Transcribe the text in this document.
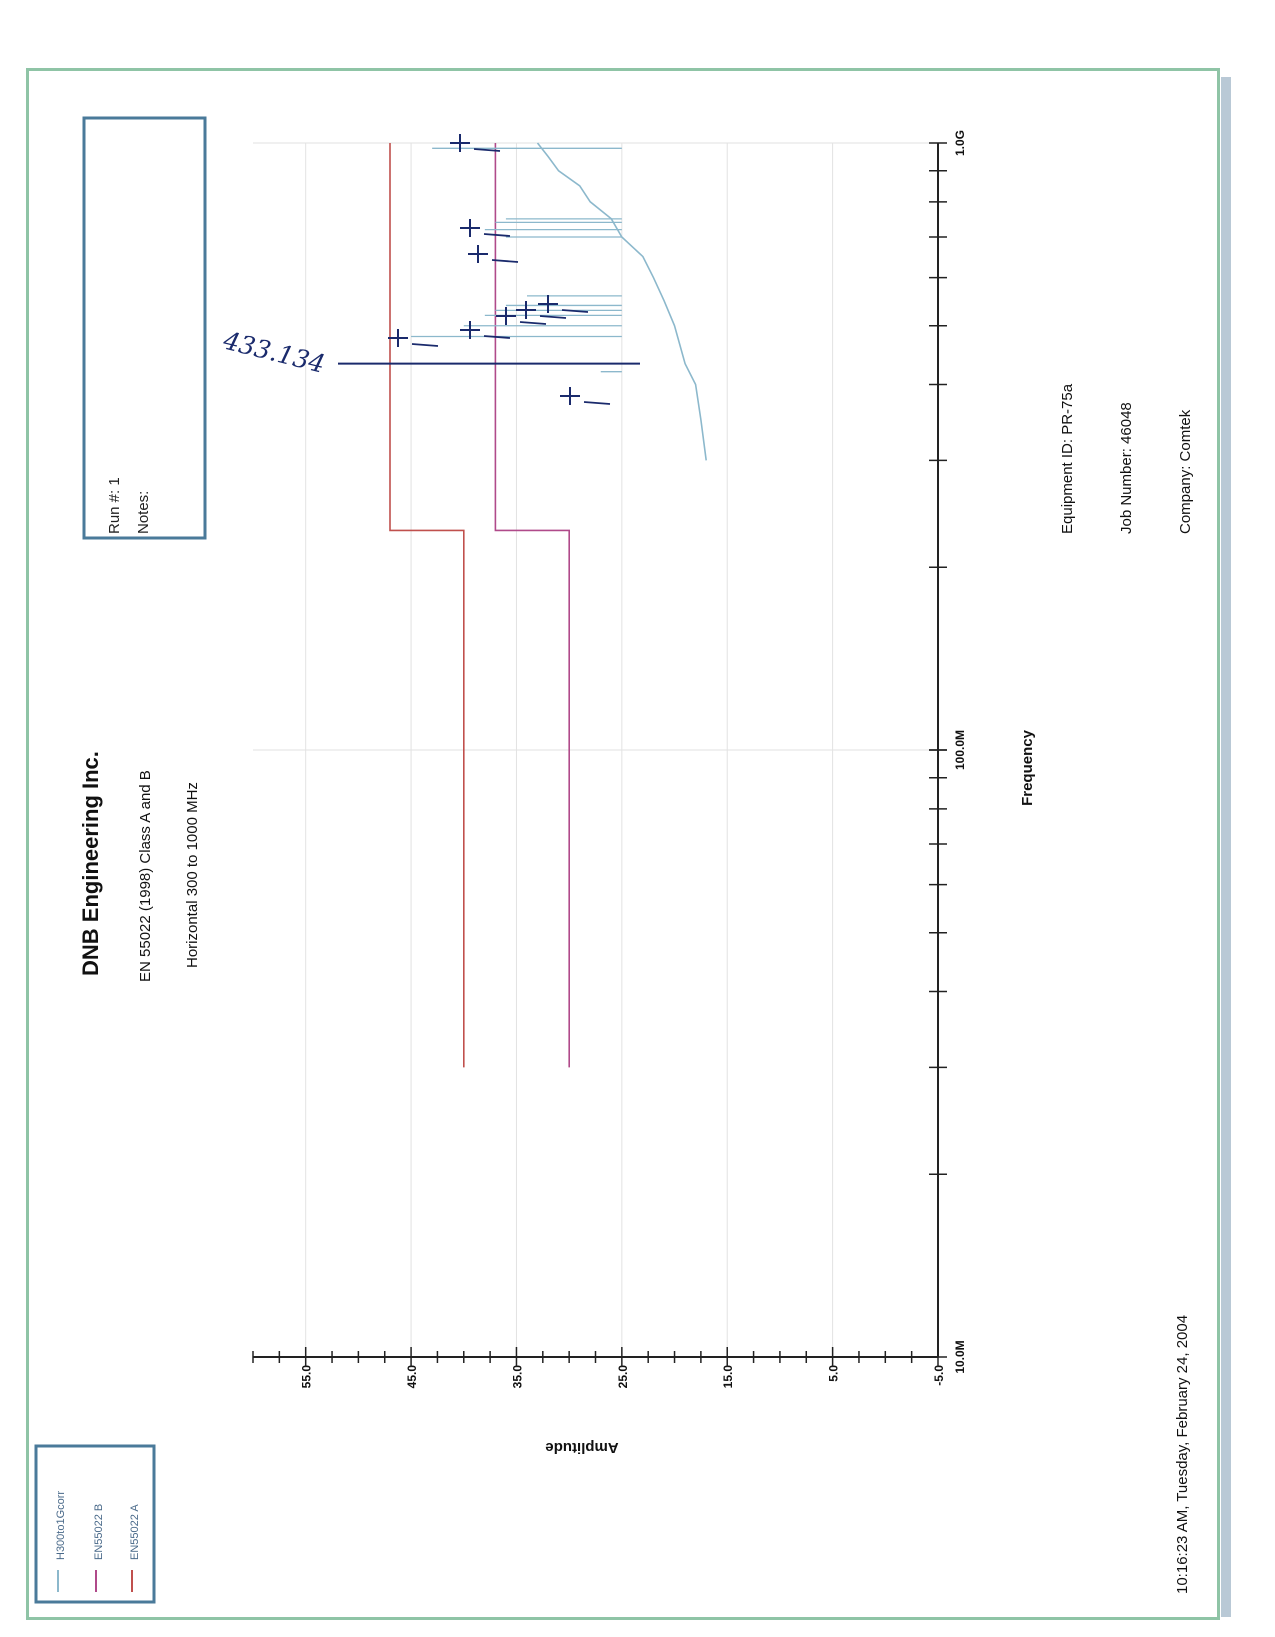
H300to1Gcorr EN55022 B EN55022 A
Run #: 1 Notes:
DNB Engineering Inc. EN 55022 (1998) Class A and B Horizontal 300 to 1000 MHz
10:16:23 AM, Tuesday, February 24, 2004
Equipment ID: PR-75a	Job Number: 46048	Company: Comtek
-5.0
5.0
15.0
25.0
35.0
45.0
55.0
10.0M
100.0M
1.0G
Frequency
Amplitude
433.134
